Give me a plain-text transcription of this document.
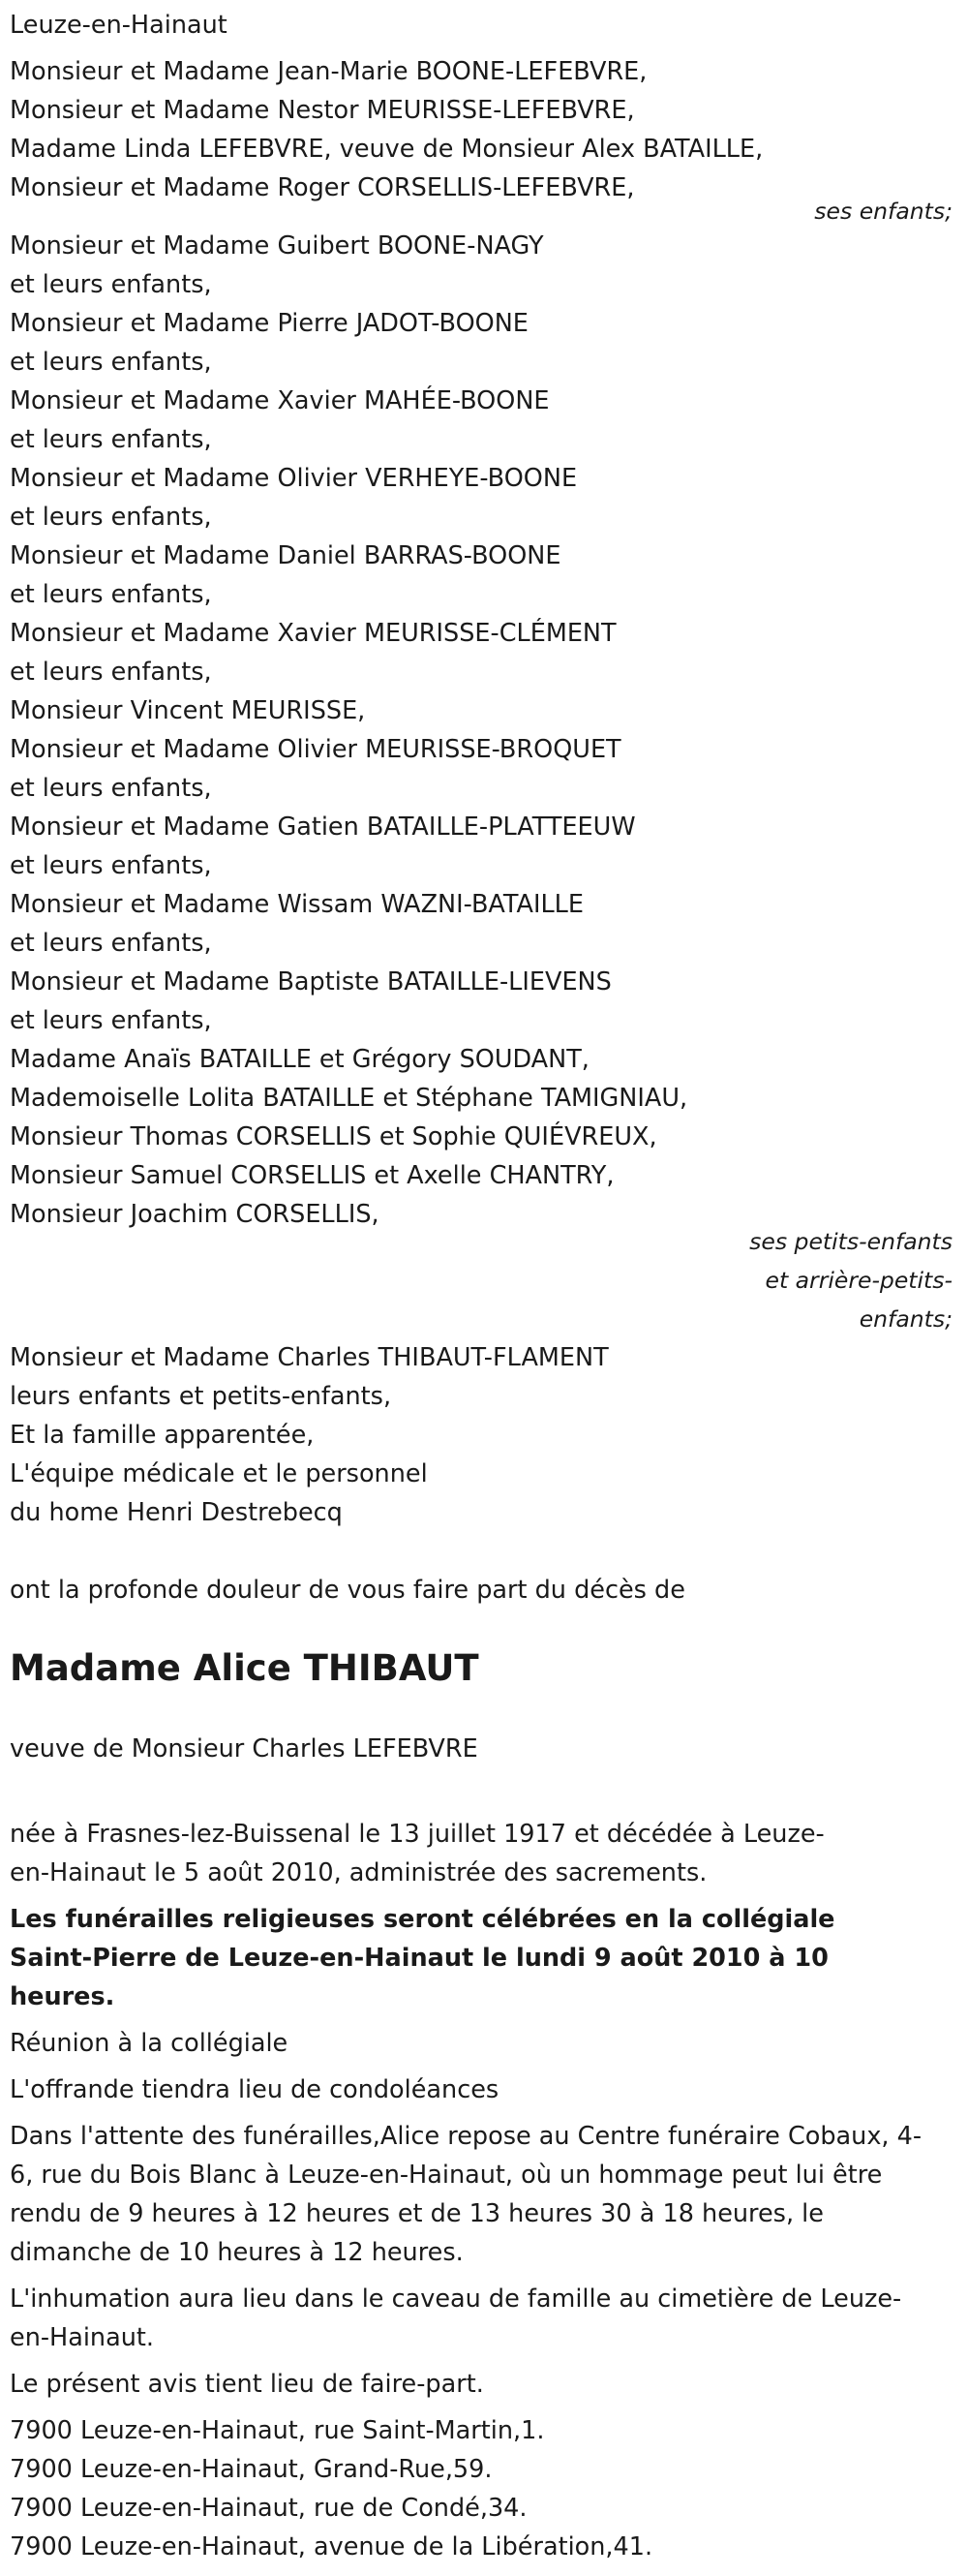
Leuze-en-Hainaut
Monsieur et Madame Jean-Marie BOONE-LEFEBVRE,
Monsieur et Madame Nestor MEURISSE-LEFEBVRE,
Madame Linda LEFEBVRE, veuve de Monsieur Alex BATAILLE,
Monsieur et Madame Roger CORSELLIS-LEFEBVRE,
ses enfants;
Monsieur et Madame Guibert BOONE-NAGY
et leurs enfants,
Monsieur et Madame Pierre JADOT-BOONE
et leurs enfants,
Monsieur et Madame Xavier MAHÉE-BOONE
et leurs enfants,
Monsieur et Madame Olivier VERHEYE-BOONE
et leurs enfants,
Monsieur et Madame Daniel BARRAS-BOONE
et leurs enfants,
Monsieur et Madame Xavier MEURISSE-CLÉMENT
et leurs enfants,
Monsieur Vincent MEURISSE,
Monsieur et Madame Olivier MEURISSE-BROQUET
et leurs enfants,
Monsieur et Madame Gatien BATAILLE-PLATTEEUW
et leurs enfants,
Monsieur et Madame Wissam WAZNI-BATAILLE
et leurs enfants,
Monsieur et Madame Baptiste BATAILLE-LIEVENS
et leurs enfants,
Madame Anaïs BATAILLE et Grégory SOUDANT,
Mademoiselle Lolita BATAILLE et Stéphane TAMIGNIAU,
Monsieur Thomas CORSELLIS et Sophie QUIÉVREUX,
Monsieur Samuel CORSELLIS et Axelle CHANTRY,
Monsieur Joachim CORSELLIS,
ses petits-enfants
et arrière-petits-
enfants;
Monsieur et Madame Charles THIBAUT-FLAMENT
leurs enfants et petits-enfants,
Et la famille apparentée,
L'équipe médicale et le personnel
du home Henri Destrebecq
ont la profonde douleur de vous faire part du décès de
Madame Alice THIBAUT
veuve de Monsieur Charles LEFEBVRE
née à Frasnes-lez-Buissenal le 13 juillet 1917 et décédée à Leuze-en-Hainaut le 5 août 2010, administrée des sacrements.
Les funérailles religieuses seront célébrées en la collégiale Saint-Pierre de Leuze-en-Hainaut le lundi 9 août 2010 à 10 heures.
Réunion à la collégiale
L'offrande tiendra lieu de condoléances
Dans l'attente des funérailles,Alice repose au Centre funéraire Cobaux, 4-6, rue du Bois Blanc à Leuze-en-Hainaut, où un hommage peut lui être rendu de 9 heures à 12 heures et de 13 heures 30 à 18 heures, le dimanche de 10 heures à 12 heures.
L'inhumation aura lieu dans le caveau de famille au cimetière de Leuze-en-Hainaut.
Le présent avis tient lieu de faire-part.
7900 Leuze-en-Hainaut, rue Saint-Martin,1.
7900 Leuze-en-Hainaut, Grand-Rue,59.
7900 Leuze-en-Hainaut, rue de Condé,34.
7900 Leuze-en-Hainaut, avenue de la Libération,41.
